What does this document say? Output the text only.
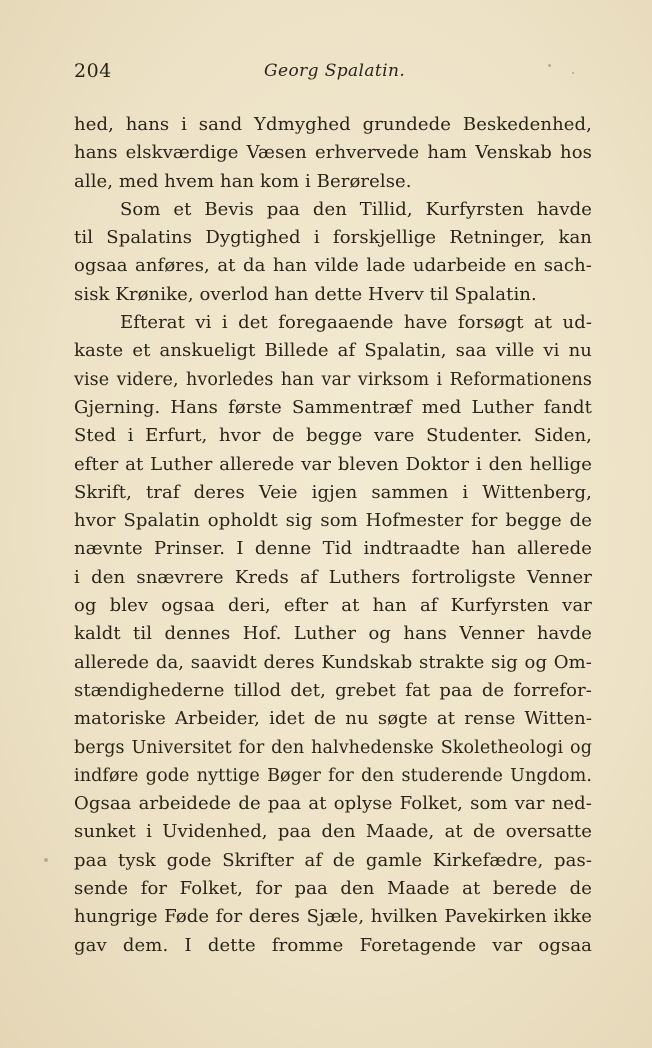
204	Georg Spalatin.
hed, hans i sand Ydmyghed grundede Beskedenhed,
hans elskværdige Væsen erhvervede ham Venskab hos
alle, med hvem han kom i Berørelse.
Som et Bevis paa den Tillid, Kurfyrsten havde
til Spalatins Dygtighed i forskjellige Retninger, kan
ogsaa anføres, at da han vilde lade udarbeide en sach-
sisk Krønike, overlod han dette Hverv til Spalatin.
Efterat vi i det foregaaende have forsøgt at ud-
kaste et anskueligt Billede af Spalatin, saa ville vi nu
vise videre, hvorledes han var virksom i Reformationens
Gjerning. Hans første Sammentræf med Luther fandt
Sted i Erfurt, hvor de begge vare Studenter. Siden,
efter at Luther allerede var bleven Doktor i den hellige
Skrift, traf deres Veie igjen sammen i Wittenberg,
hvor Spalatin opholdt sig som Hofmester for begge de
nævnte Prinser. I denne Tid indtraadte han allerede
i den snævrere Kreds af Luthers fortroligste Venner
og blev ogsaa deri, efter at han af Kurfyrsten var
kaldt til dennes Hof. Luther og hans Venner havde
allerede da, saavidt deres Kundskab strakte sig og Om-
stændighederne tillod det, grebet fat paa de forrefor-
matoriske Arbeider, idet de nu søgte at rense Witten-
bergs Universitet for den halvhedenske Skoletheologi og
indføre gode nyttige Bøger for den studerende Ungdom.
Ogsaa arbeidede de paa at oplyse Folket, som var ned-
sunket i Uvidenhed, paa den Maade, at de oversatte
paa tysk gode Skrifter af de gamle Kirkefædre, pas-
sende for Folket, for paa den Maade at berede de
hungrige Føde for deres Sjæle, hvilken Pavekirken ikke
gav dem. I dette fromme Foretagende var ogsaa
